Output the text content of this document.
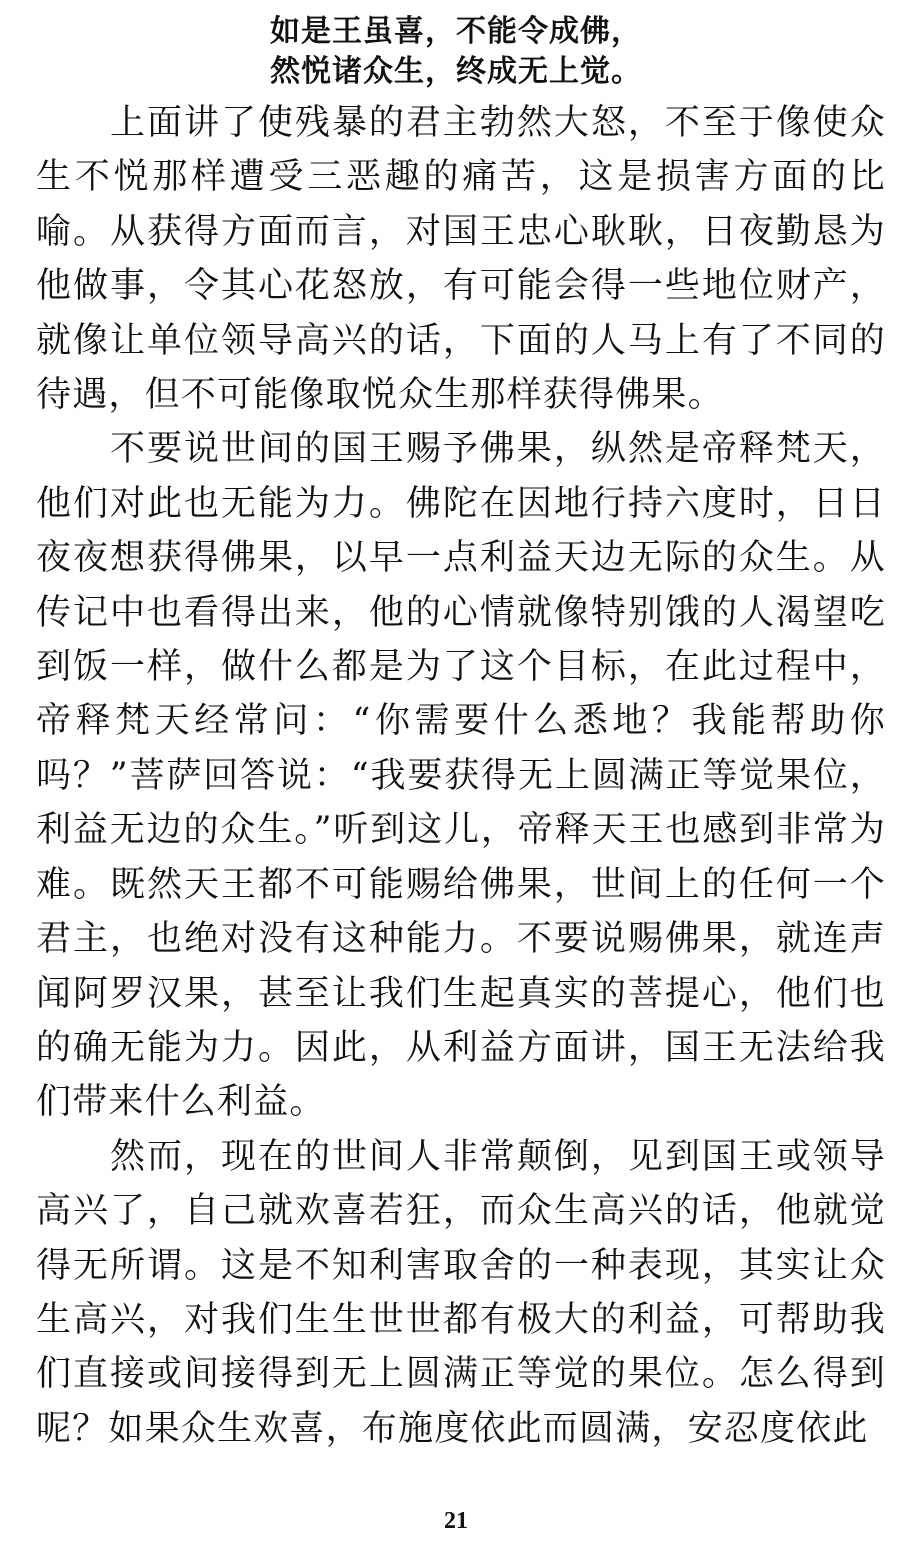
如是王虽喜，不能令成佛，
然悦诸众生，终成无上觉。

上面讲了使残暴的君主勃然大怒，不至于像使众生不悦那样遭受三恶趣的痛苦，这是损害方面的比喻。从获得方面而言，对国王忠心耿耿，日夜勤恳为他做事，令其心花怒放，有可能会得一些地位财产，就像让单位领导高兴的话，下面的人马上有了不同的待遇，但不可能像取悦众生那样获得佛果。

不要说世间的国王赐予佛果，纵然是帝释梵天，他们对此也无能为力。佛陀在因地行持六度时，日日夜夜想获得佛果，以早一点利益天边无际的众生。从传记中也看得出来，他的心情就像特别饿的人渴望吃到饭一样，做什么都是为了这个目标，在此过程中，帝释梵天经常问：“你需要什么悉地？我能帮助你吗？”菩萨回答说：“我要获得无上圆满正等觉果位，利益无边的众生。”听到这儿，帝释天王也感到非常为难。既然天王都不可能赐给佛果，世间上的任何一个君主，也绝对没有这种能力。不要说赐佛果，就连声闻阿罗汉果，甚至让我们生起真实的菩提心，他们也的确无能为力。因此，从利益方面讲，国王无法给我们带来什么利益。

然而，现在的世间人非常颠倒，见到国王或领导高兴了，自己就欢喜若狂，而众生高兴的话，他就觉得无所谓。这是不知利害取舍的一种表现，其实让众生高兴，对我们生生世世都有极大的利益，可帮助我们直接或间接得到无上圆满正等觉的果位。怎么得到呢？如果众生欢喜，布施度依此而圆满，安忍度依此

21
